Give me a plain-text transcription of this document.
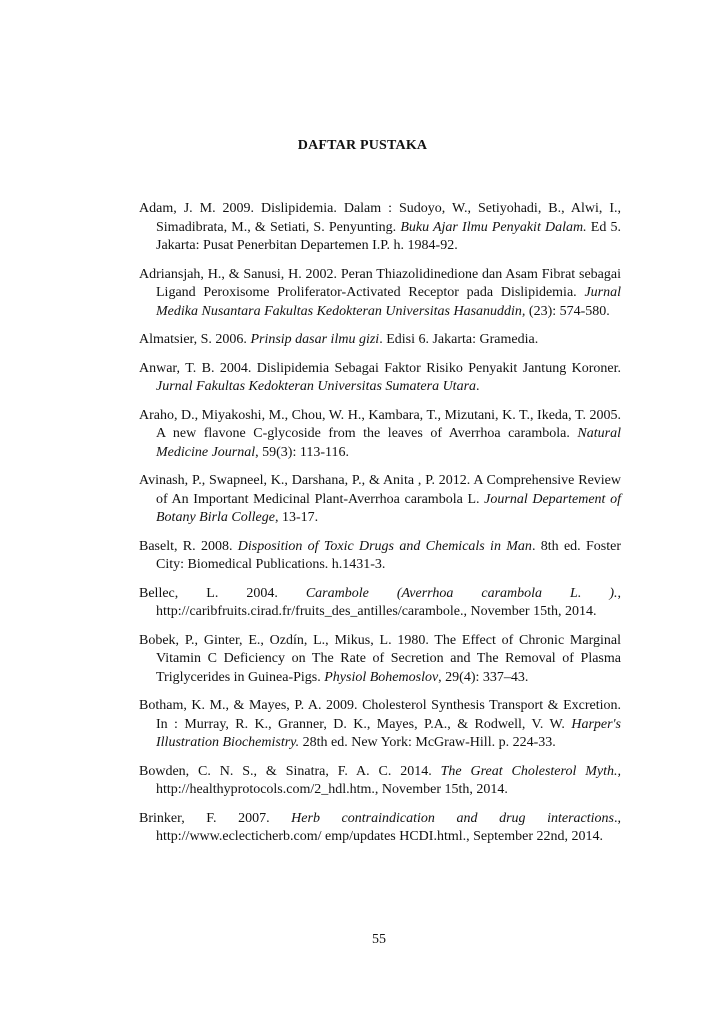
DAFTAR PUSTAKA

Adam, J. M. 2009. Dislipidemia. Dalam : Sudoyo, W., Setiyohadi, B., Alwi, I., Simadibrata, M., & Setiati, S. Penyunting. Buku Ajar Ilmu Penyakit Dalam. Ed 5. Jakarta: Pusat Penerbitan Departemen I.P. h. 1984-92.

Adriansjah, H., & Sanusi, H. 2002. Peran Thiazolidinedione dan Asam Fibrat sebagai Ligand Peroxisome Proliferator-Activated Receptor pada Dislipidemia. Jurnal Medika Nusantara Fakultas Kedokteran Universitas Hasanuddin, (23): 574-580.

Almatsier, S. 2006. Prinsip dasar ilmu gizi. Edisi 6. Jakarta: Gramedia.

Anwar, T. B. 2004. Dislipidemia Sebagai Faktor Risiko Penyakit Jantung Koroner. Jurnal Fakultas Kedokteran Universitas Sumatera Utara.

Araho, D., Miyakoshi, M., Chou, W. H., Kambara, T., Mizutani, K. T., Ikeda, T. 2005. A new flavone C-glycoside from the leaves of Averrhoa carambola. Natural Medicine Journal, 59(3): 113-116.

Avinash, P., Swapneel, K., Darshana, P., & Anita , P. 2012. A Comprehensive Review of An Important Medicinal Plant-Averrhoa carambola L. Journal Departement of Botany Birla College, 13-17.

Baselt, R. 2008. Disposition of Toxic Drugs and Chemicals in Man. 8th ed. Foster City: Biomedical Publications. h.1431-3.

Bellec, L. 2004. Carambole (Averrhoa carambola L. )., http://caribfruits.cirad.fr/fruits_des_antilles/carambole., November 15th, 2014.

Bobek, P., Ginter, E., Ozdín, L., Mikus, L. 1980. The Effect of Chronic Marginal Vitamin C Deficiency on The Rate of Secretion and The Removal of Plasma Triglycerides in Guinea-Pigs. Physiol Bohemoslov, 29(4): 337–43.

Botham, K. M., & Mayes, P. A. 2009. Cholesterol Synthesis Transport & Excretion. In : Murray, R. K., Granner, D. K., Mayes, P.A., & Rodwell, V. W. Harper's Illustration Biochemistry. 28th ed. New York: McGraw-Hill. p. 224-33.

Bowden, C. N. S., & Sinatra, F. A. C. 2014. The Great Cholesterol Myth., http://healthyprotocols.com/2_hdl.htm., November 15th, 2014.

Brinker, F. 2007. Herb contraindication and drug interactions., http://www.eclecticherb.com/ emp/updates HCDI.html., September 22nd, 2014.

55
